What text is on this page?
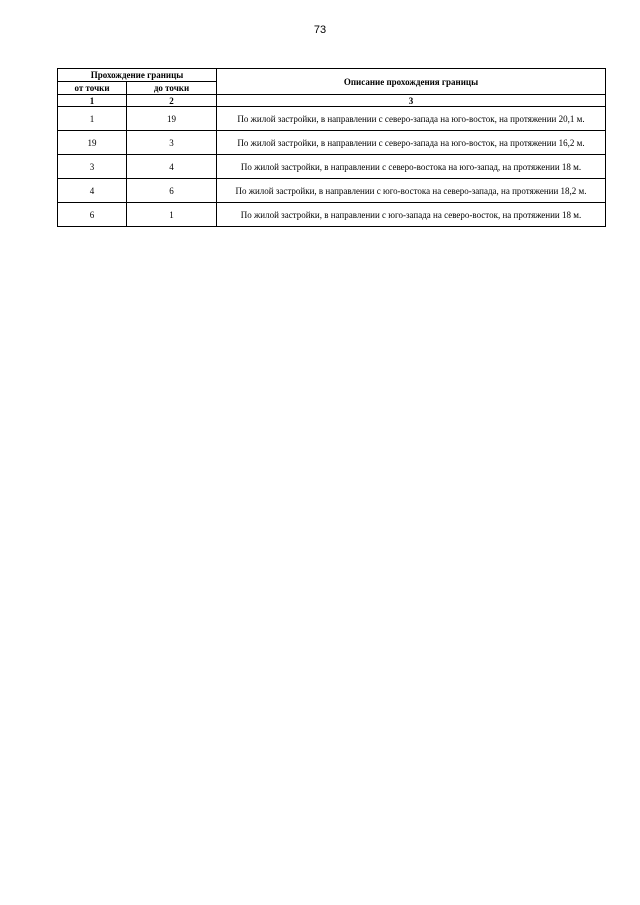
73
Прохождение границы		Описание прохождения границы
от точки	до точки	
1	2	3
1	19	По жилой застройки, в направлении с северо-запада на юго-восток, на протяжении 20,1 м.
19	3	По жилой застройки, в направлении с северо-запада на юго-восток, на протяжении 16,2 м.
3	4	По жилой застройки, в направлении с северо-востока на юго-запад, на протяжении 18 м.
4	6	По жилой застройки, в направлении с юго-востока на северо-запада, на протяжении 18,2 м.
6	1	По жилой застройки, в направлении с юго-запада на северо-восток, на протяжении 18 м.
